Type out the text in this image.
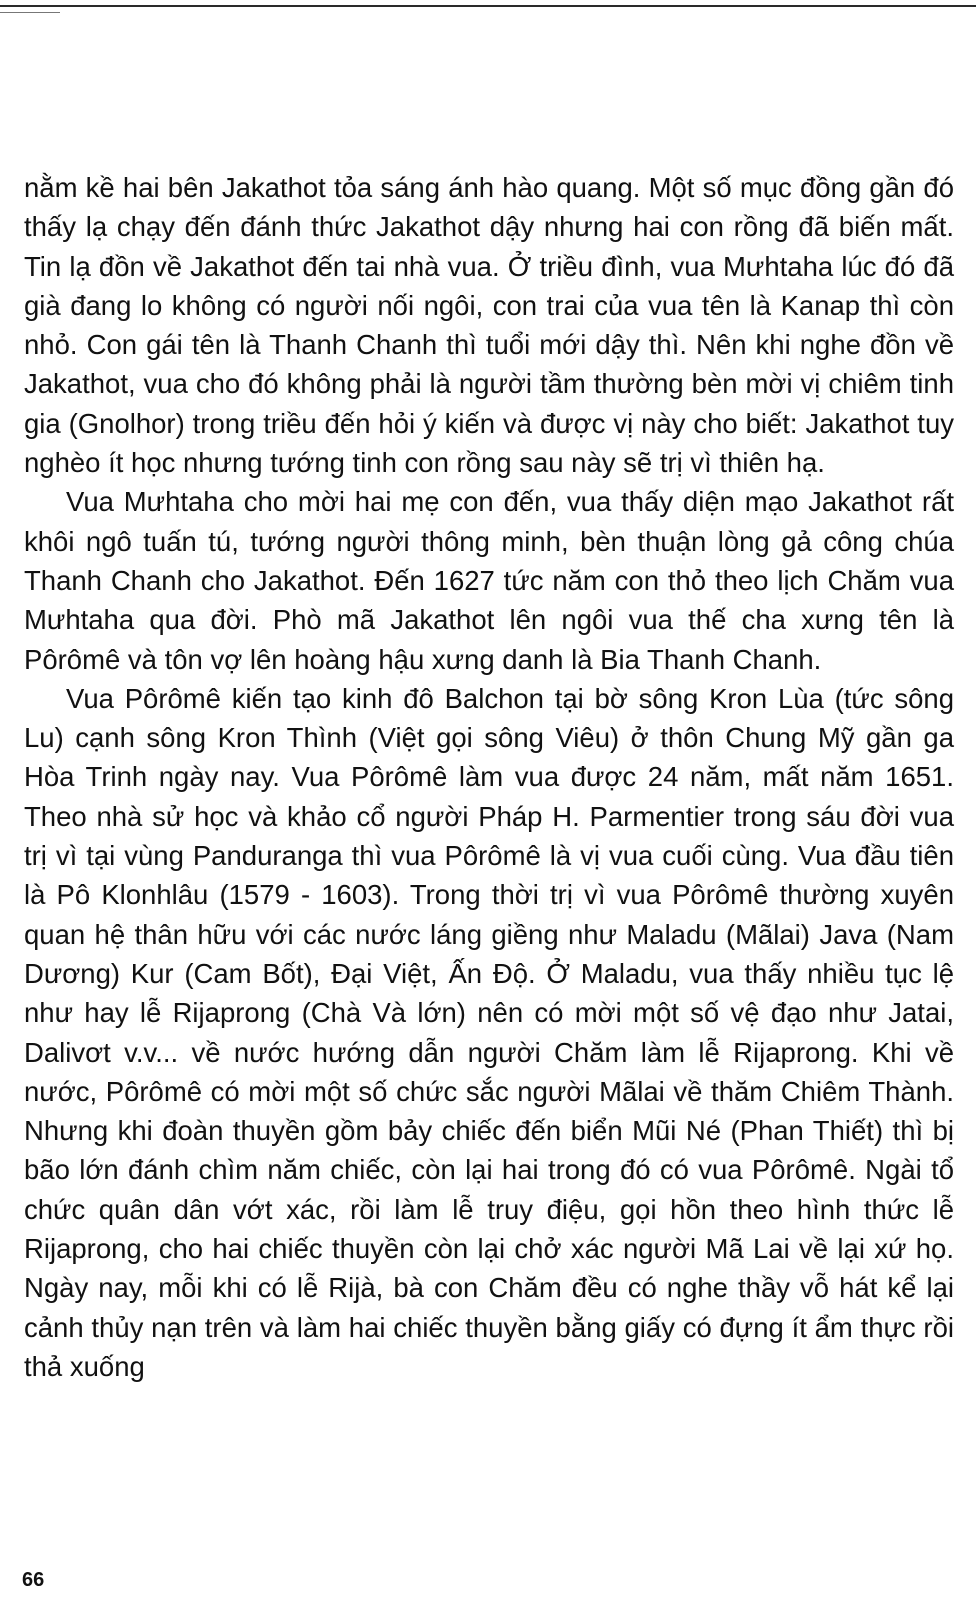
nằm kề hai bên Jakathot tỏa sáng ánh hào quang. Một số mục đồng gần đó thấy lạ chạy đến đánh thức Jakathot dậy nhưng hai con rồng đã biến mất. Tin lạ đồn về Jakathot đến tai nhà vua. Ở triều đình, vua Mưhtaha lúc đó đã già đang lo không có người nối ngôi, con trai của vua tên là Kanap thì còn nhỏ. Con gái tên là Thanh Chanh thì tuổi mới dậy thì. Nên khi nghe đồn về Jakathot, vua cho đó không phải là người tầm thường bèn mời vị chiêm tinh gia (Gnolhor) trong triều đến hỏi ý kiến và được vị này cho biết: Jakathot tuy nghèo ít học nhưng tướng tinh con rồng sau này sẽ trị vì thiên hạ.

Vua Mưhtaha cho mời hai mẹ con đến, vua thấy diện mạo Jakathot rất khôi ngô tuấn tú, tướng người thông minh, bèn thuận lòng gả công chúa Thanh Chanh cho Jakathot. Đến 1627 tức năm con thỏ theo lịch Chăm vua Mưhtaha qua đời. Phò mã Jakathot lên ngôi vua thế cha xưng tên là Pôrômê và tôn vợ lên hoàng hậu xưng danh là Bia Thanh Chanh.

Vua Pôrômê kiến tạo kinh đô Balchon tại bờ sông Kron Lùa (tức sông Lu) cạnh sông Kron Thình (Việt gọi sông Viêu) ở thôn Chung Mỹ gần ga Hòa Trinh ngày nay. Vua Pôrômê làm vua được 24 năm, mất năm 1651. Theo nhà sử học và khảo cổ người Pháp H. Parmentier trong sáu đời vua trị vì tại vùng Panduranga thì vua Pôrômê là vị vua cuối cùng. Vua đầu tiên là Pô Klonhlâu (1579 - 1603). Trong thời trị vì vua Pôrômê thường xuyên quan hệ thân hữu với các nước láng giềng như Maladu (Mãlai) Java (Nam Dương) Kur (Cam Bốt), Đại Việt, Ấn Độ. Ở Maladu, vua thấy nhiều tục lệ như hay lễ Rijaprong (Chà Và lớn) nên có mời một số vệ đạo như Jatai, Dalivơt v.v... về nước hướng dẫn người Chăm làm lễ Rijaprong. Khi về nước, Pôrômê có mời một số chức sắc người Mãlai về thăm Chiêm Thành. Nhưng khi đoàn thuyền gồm bảy chiếc đến biển Mũi Né (Phan Thiết) thì bị bão lớn đánh chìm năm chiếc, còn lại hai trong đó có vua Pôrômê. Ngài tổ chức quân dân vớt xác, rồi làm lễ truy điệu, gọi hồn theo hình thức lễ Rijaprong, cho hai chiếc thuyền còn lại chở xác người Mã Lai về lại xứ họ. Ngày nay, mỗi khi có lễ Rijà, bà con Chăm đều có nghe thầy vỗ hát kể lại cảnh thủy nạn trên và làm hai chiếc thuyền bằng giấy có đựng ít ẩm thực rồi thả xuống

66
